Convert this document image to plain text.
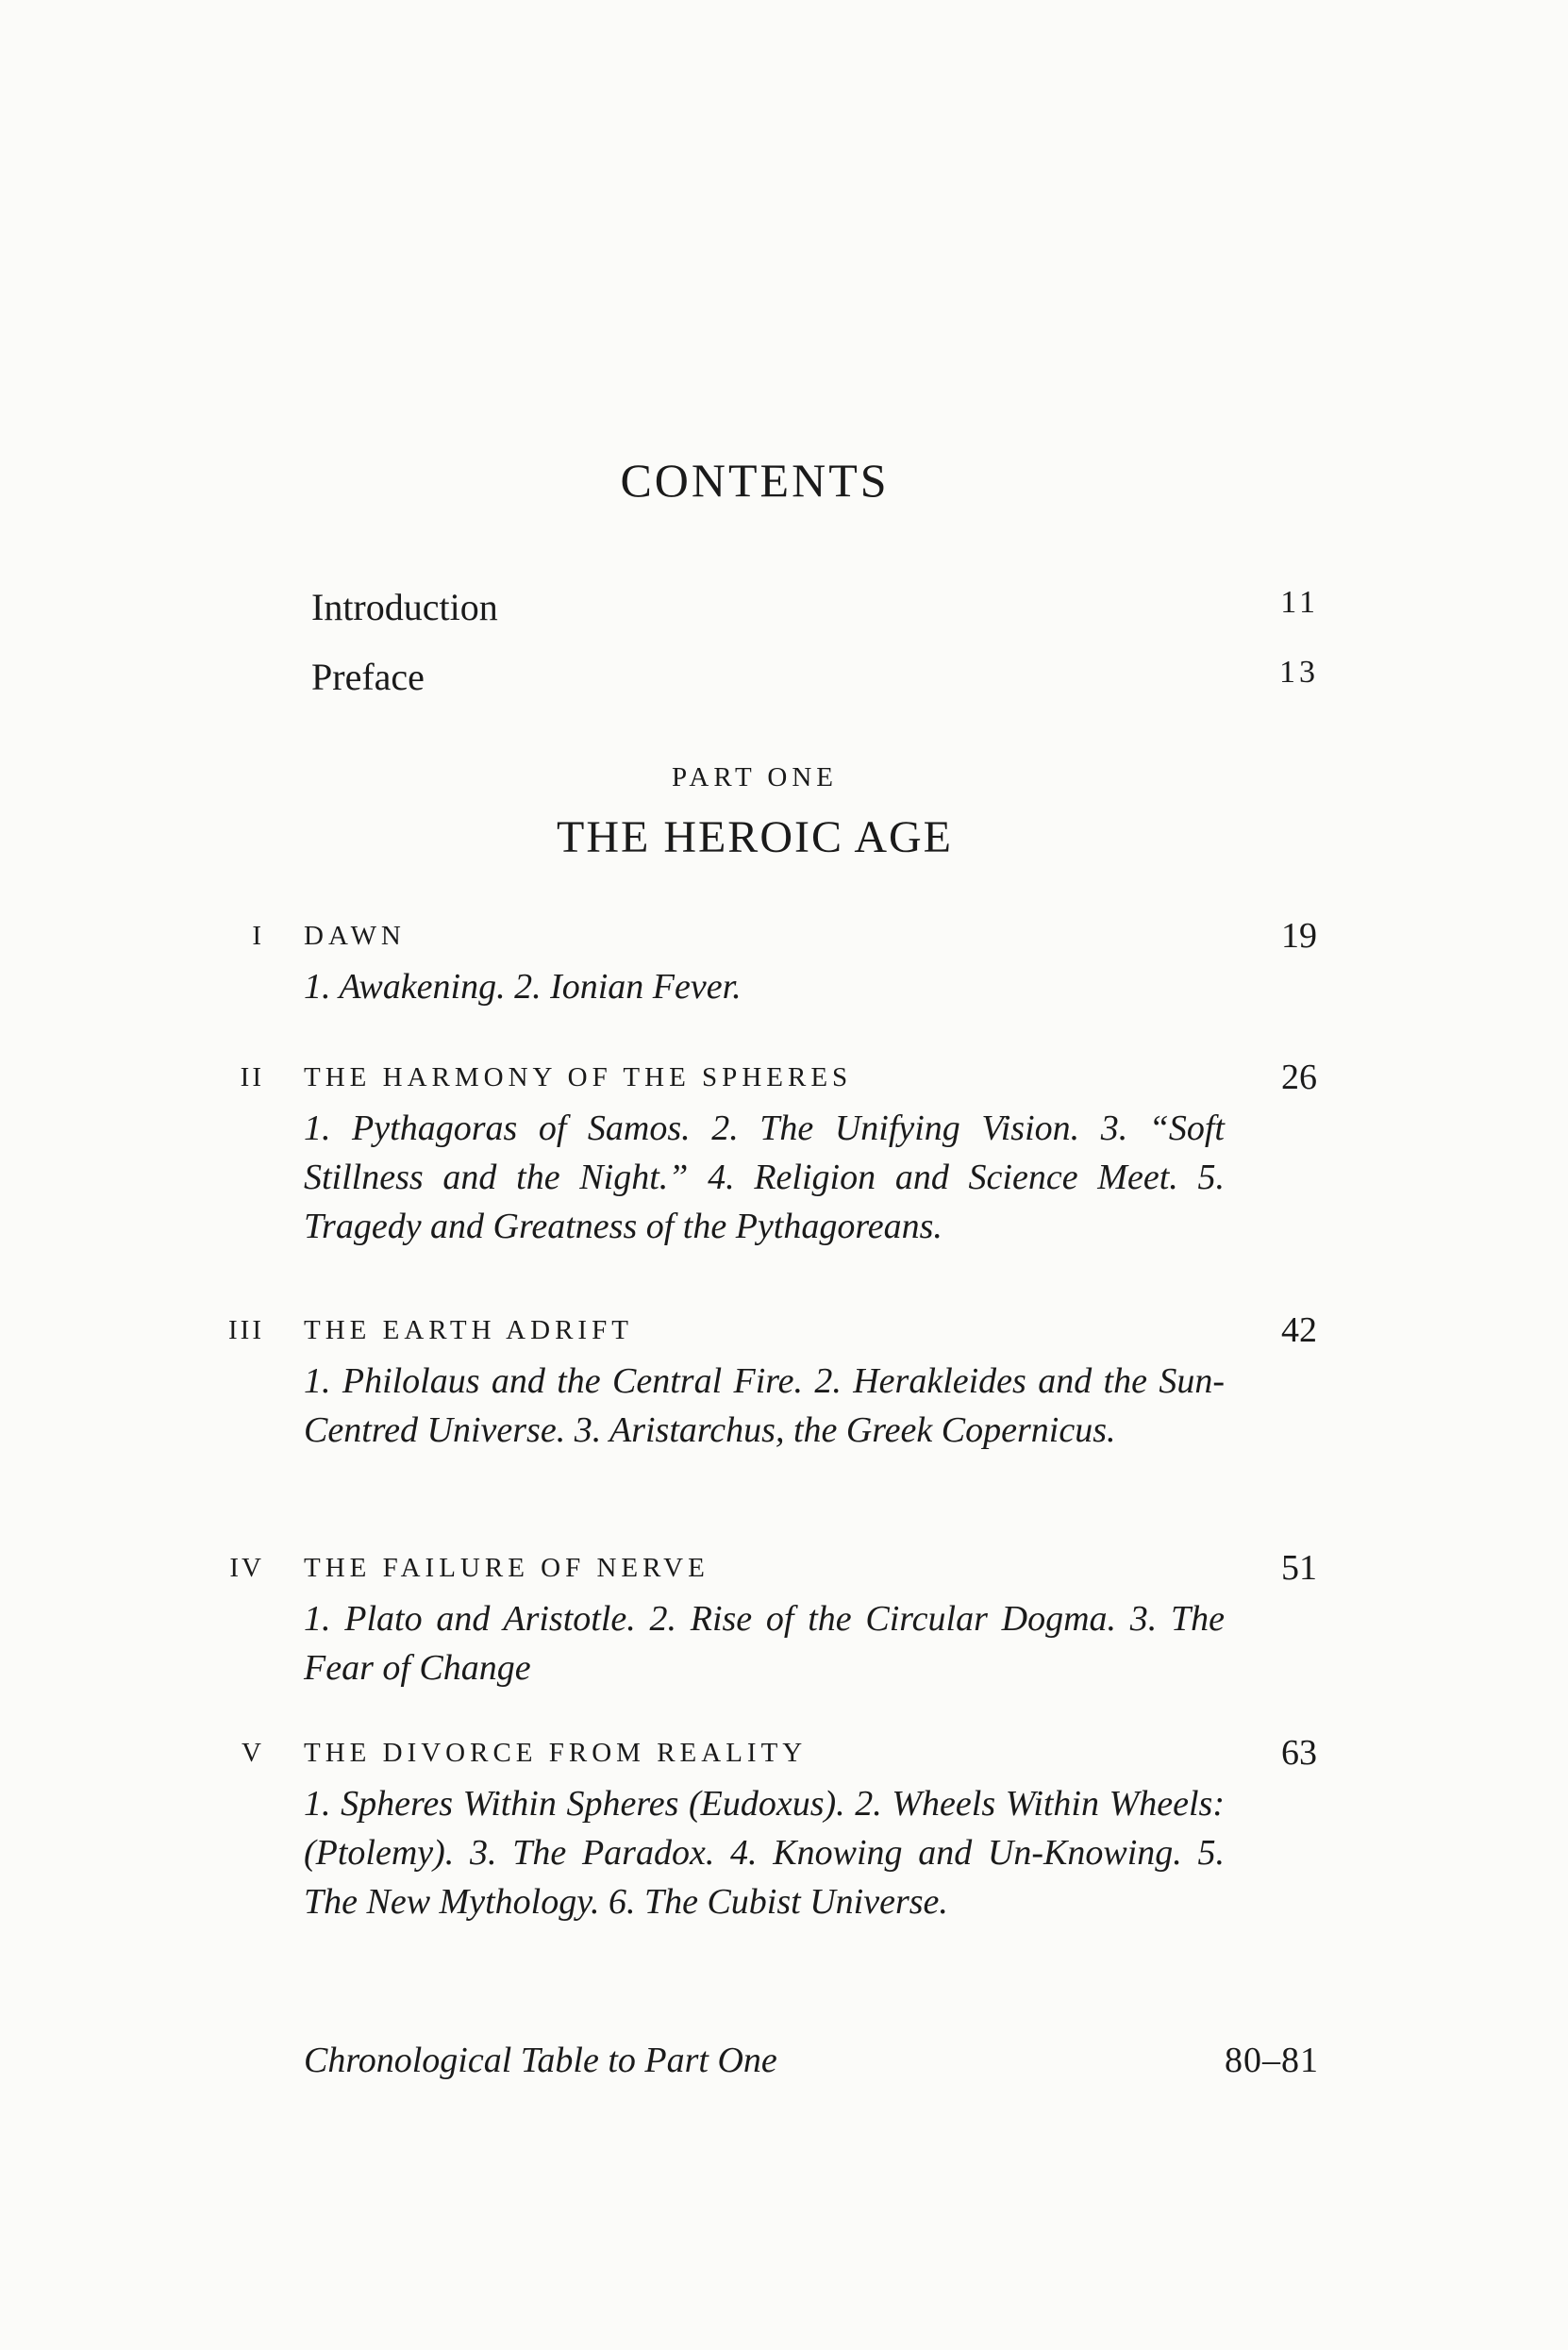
CONTENTS
Introduction	11
Preface	13
PART ONE
THE HEROIC AGE
I DAWN	19
1. Awakening. 2. Ionian Fever.
II THE HARMONY OF THE SPHERES	26
1. Pythagoras of Samos. 2. The Unifying Vision. 3. “Soft Stillness and the Night.” 4. Religion and Science Meet. 5. Tragedy and Greatness of the Pythagoreans.
III THE EARTH ADRIFT	42
1. Philolaus and the Central Fire. 2. Herakleides and the Sun-Centred Universe. 3. Aristarchus, the Greek Copernicus.
IV THE FAILURE OF NERVE	51
1. Plato and Aristotle. 2. Rise of the Circular Dogma. 3. The Fear of Change
V THE DIVORCE FROM REALITY	63
1. Spheres Within Spheres (Eudoxus). 2. Wheels Within Wheels: (Ptolemy). 3. The Paradox. 4. Knowing and Un-Knowing. 5. The New Mythology. 6. The Cubist Universe.
Chronological Table to Part One	80–81
